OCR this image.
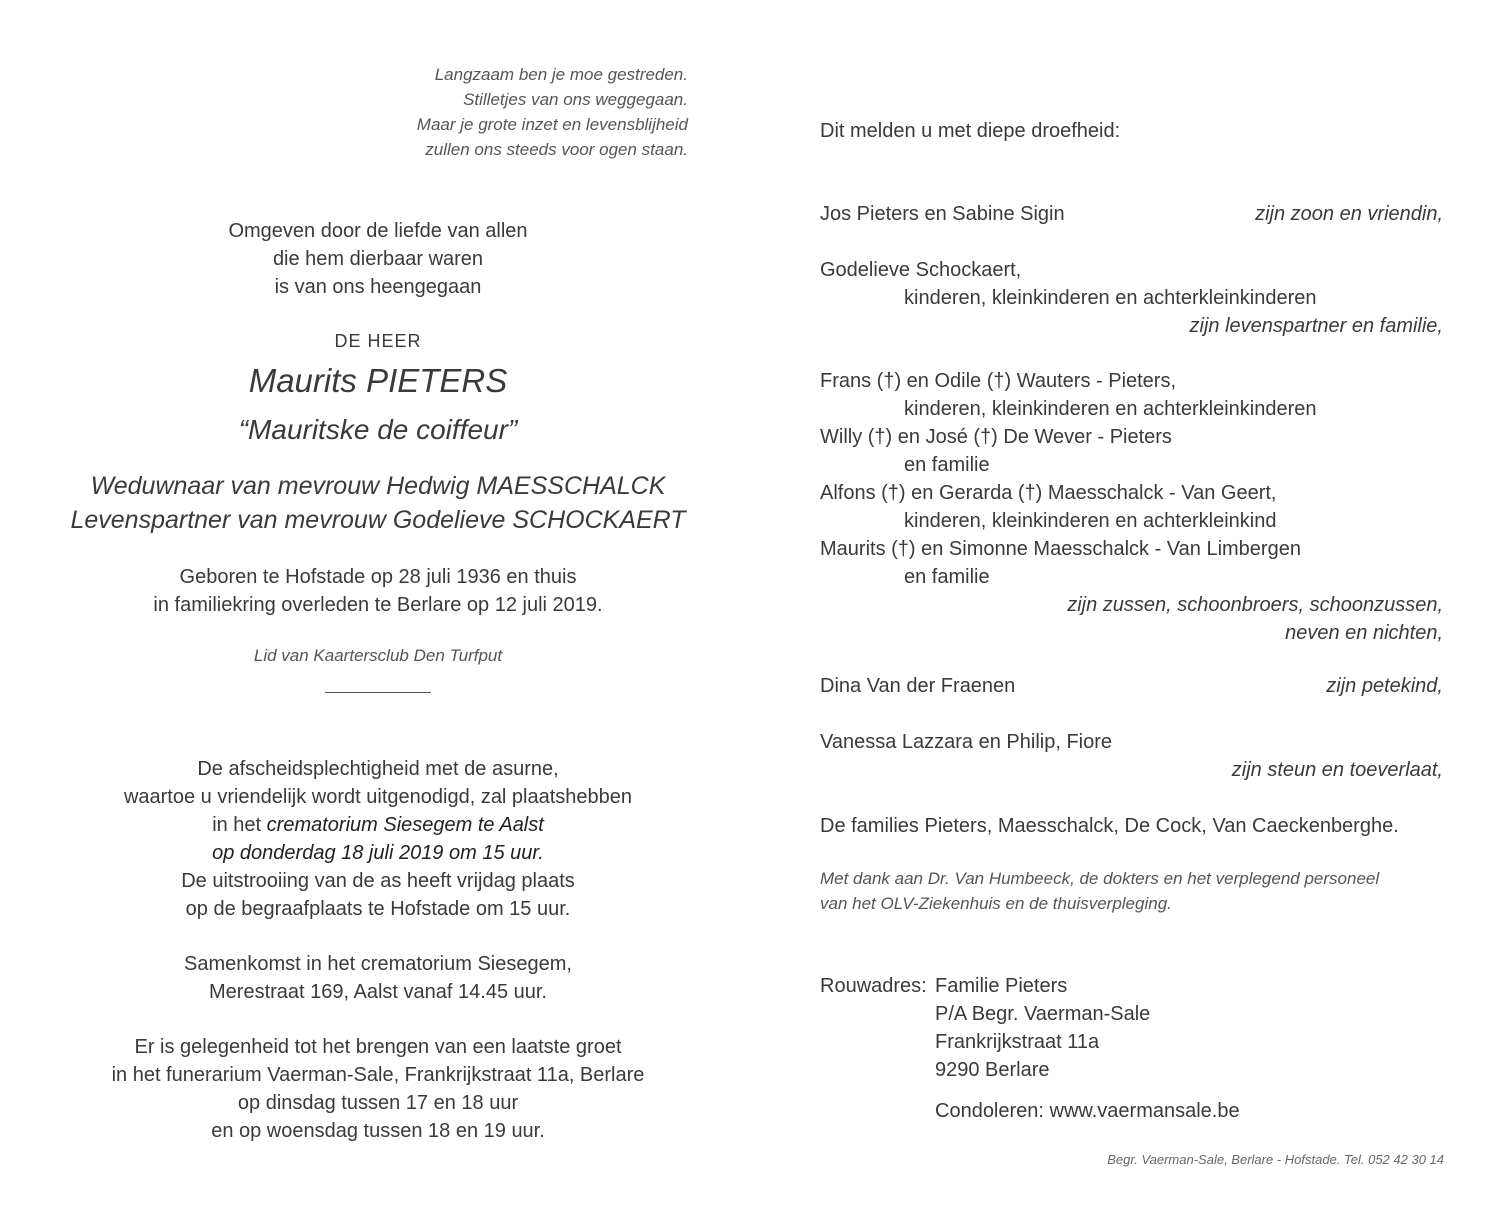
Langzaam ben je moe gestreden.
Stilletjes van ons weggegaan.
Maar je grote inzet en levensblijheid
zullen ons steeds voor ogen staan.
Omgeven door de liefde van allen
die hem dierbaar waren
is van ons heengegaan
DE HEER
Maurits PIETERS
“Mauritske de coiffeur”
Weduwnaar van mevrouw Hedwig MAESSCHALCK
Levenspartner van mevrouw Godelieve SCHOCKAERT
Geboren te Hofstade op 28 juli 1936 en thuis
in familiekring overleden te Berlare op 12 juli 2019.
Lid van Kaartersclub Den Turfput
De afscheidsplechtigheid met de asurne,
waartoe u vriendelijk wordt uitgenodigd, zal plaatshebben
in het crematorium Siesegem te Aalst
op donderdag 18 juli 2019 om 15 uur.
De uitstrooiing van de as heeft vrijdag plaats
op de begraafplaats te Hofstade om 15 uur.
Samenkomst in het crematorium Siesegem,
Merestraat 169, Aalst vanaf 14.45 uur.
Er is gelegenheid tot het brengen van een laatste groet
in het funerarium Vaerman-Sale, Frankrijkstraat 11a, Berlare
op dinsdag tussen 17 en 18 uur
en op woensdag tussen 18 en 19 uur.
Dit melden u met diepe droefheid:
Jos Pieters en Sabine Sigin	zijn zoon en vriendin,
Godelieve Schockaert,
kinderen, kleinkinderen en achterkleinkinderen
zijn levenspartner en familie,
Frans (†) en Odile (†) Wauters - Pieters,
kinderen, kleinkinderen en achterkleinkinderen
Willy (†) en José (†) De Wever - Pieters
en familie
Alfons (†) en Gerarda (†) Maesschalck - Van Geert,
kinderen, kleinkinderen en achterkleinkind
Maurits (†) en Simonne Maesschalck - Van Limbergen
en familie
zijn zussen, schoonbroers, schoonzussen,
neven en nichten,
Dina Van der Fraenen	zijn petekind,
Vanessa Lazzara en Philip, Fiore
zijn steun en toeverlaat,
De families Pieters, Maesschalck, De Cock, Van Caeckenberghe.
Met dank aan Dr. Van Humbeeck, de dokters en het verplegend personeel
van het OLV-Ziekenhuis en de thuisverpleging.
Rouwadres: Familie Pieters
P/A Begr. Vaerman-Sale
Frankrijkstraat 11a
9290 Berlare
Condoleren: www.vaermansale.be
Begr. Vaerman-Sale, Berlare - Hofstade. Tel. 052 42 30 14
